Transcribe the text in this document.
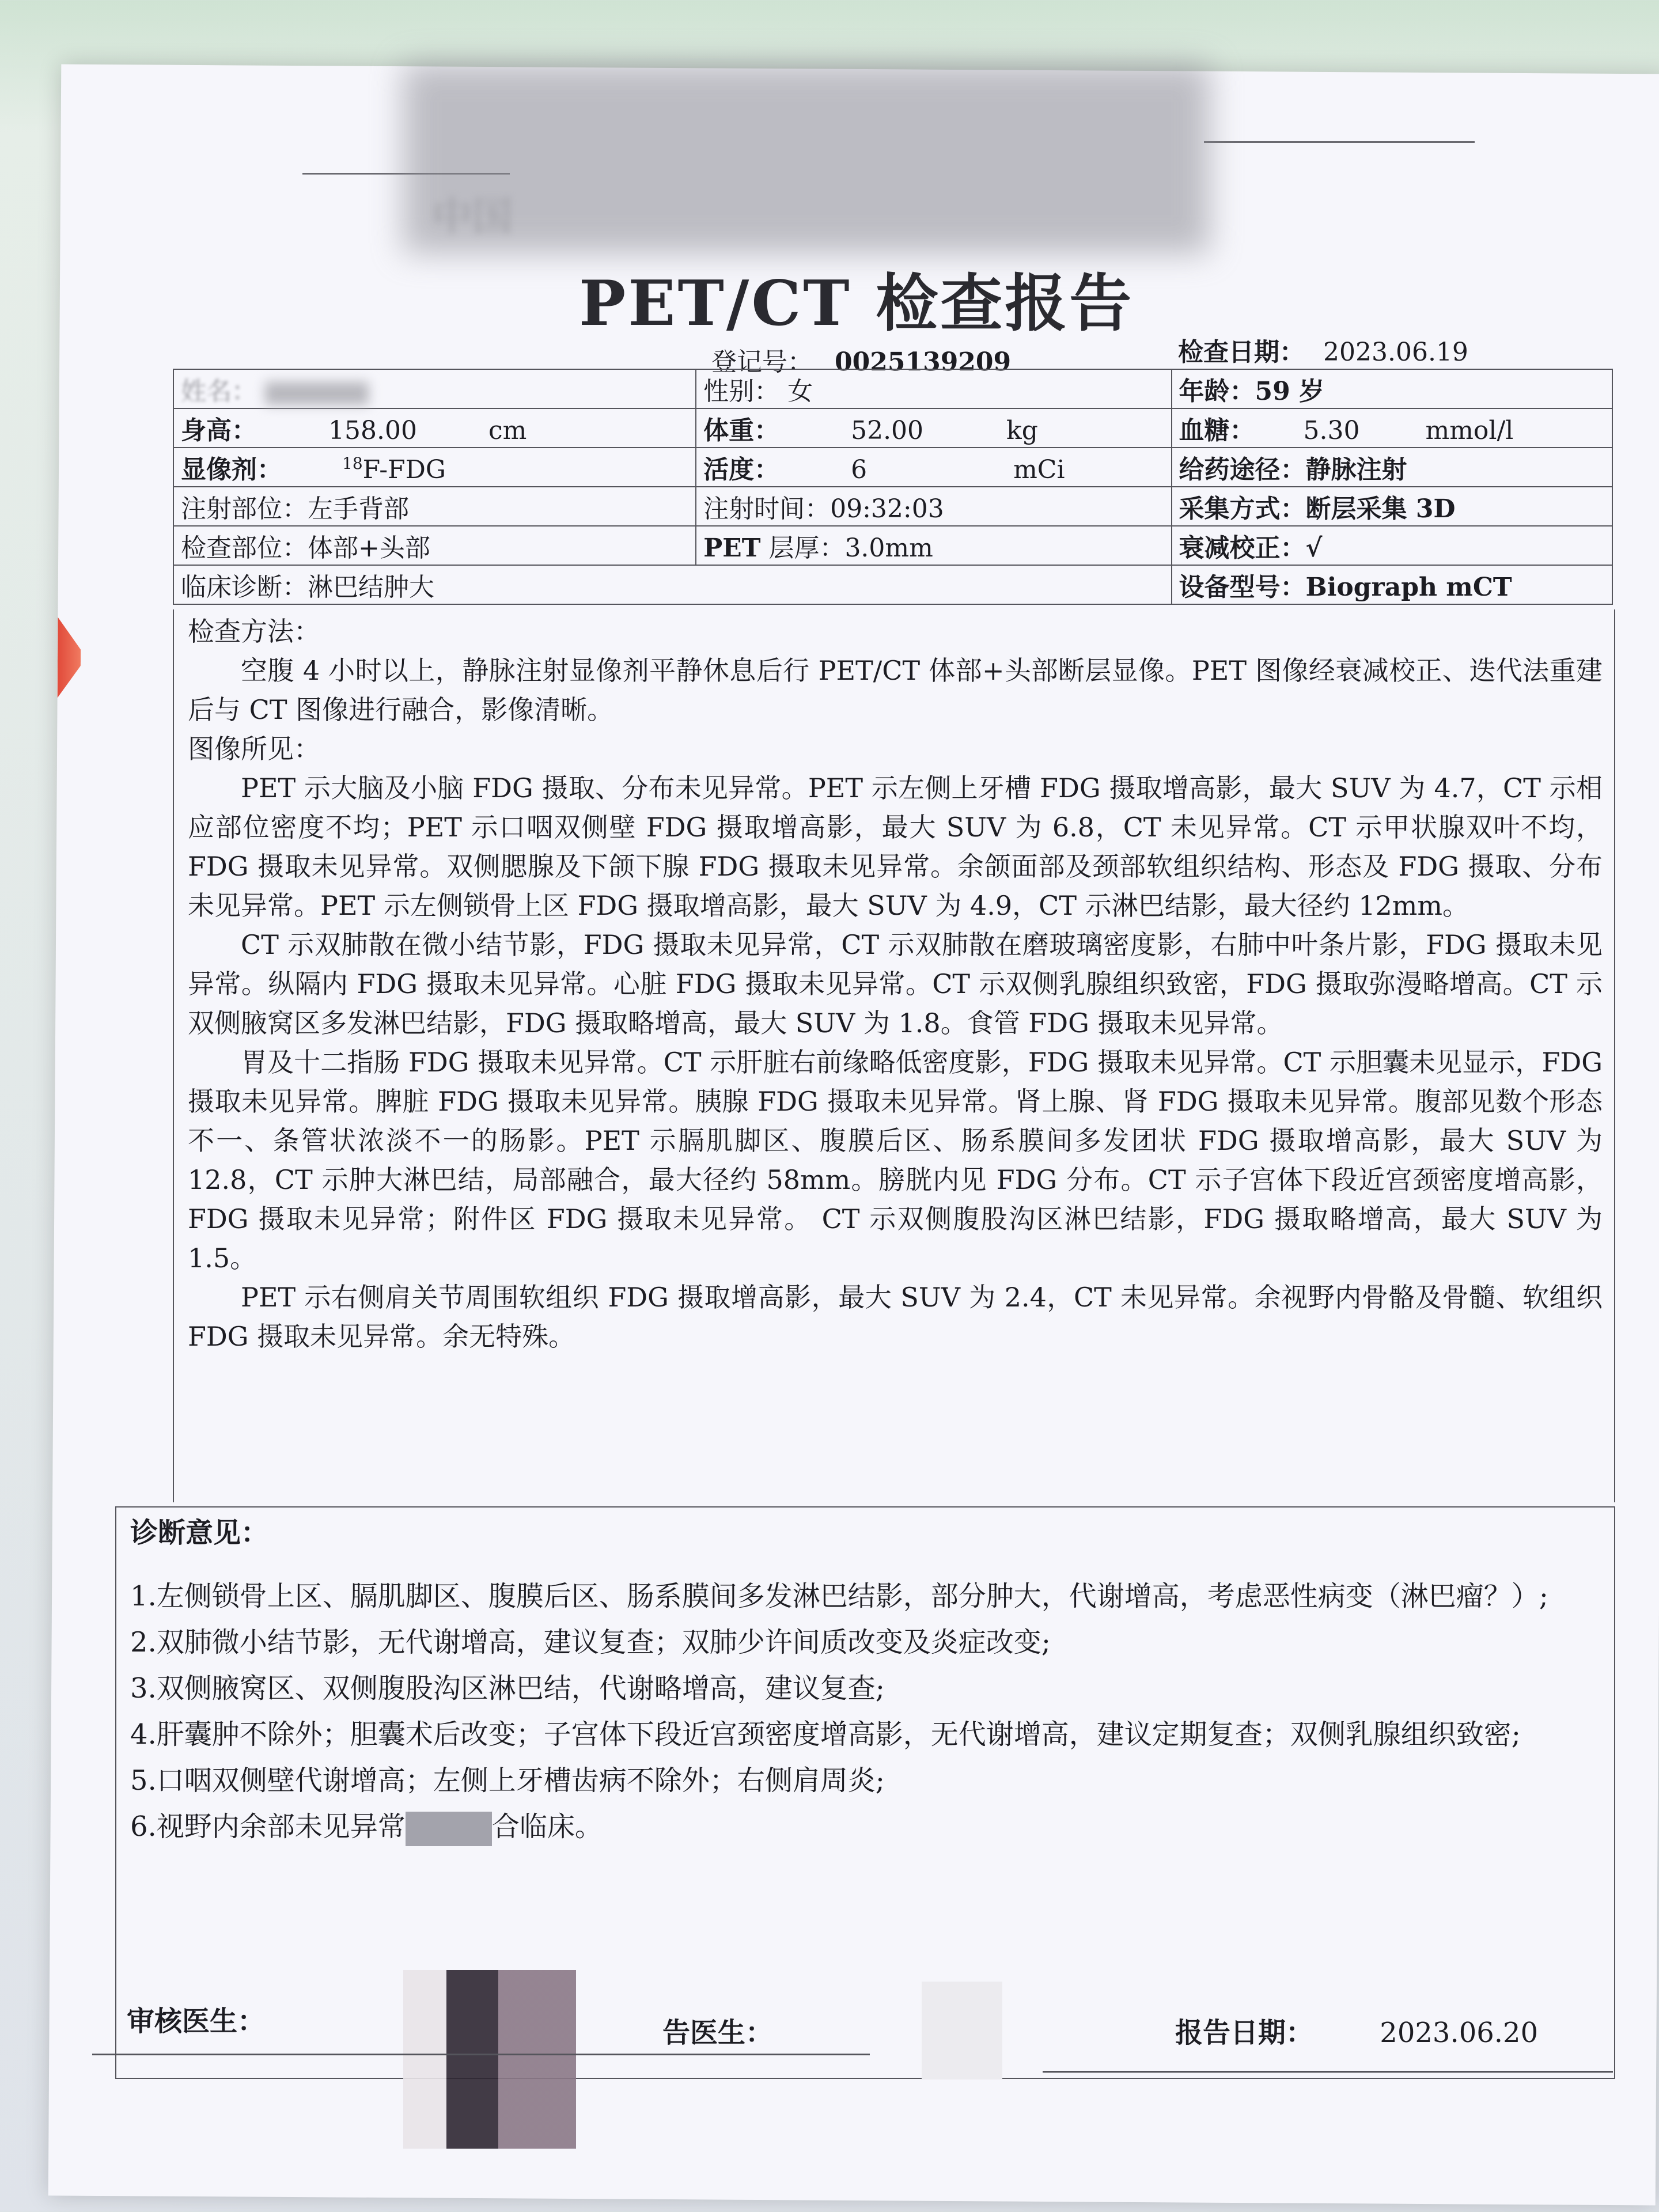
中国
PET/CT 检查报告
登记号： 0025139209	检查日期： 2023.06.19
姓名：	性别： 女	年龄：59 岁
身高： 158.00 cm	体重： 52.00 kg	血糖： 5.30 mmol/l
显像剂： $^{18}$F-FDG	活度： 6 mCi	给药途径：静脉注射
注射部位：左手背部	注射时间：09:32:03	采集方式：断层采集 3D
检查部位：体部+头部	PET 层厚：3.0mm	衰减校正：√
临床诊断：淋巴结肿大		设备型号：Biograph mCT

检查方法：

空腹 4 小时以上，静脉注射显像剂平静休息后行 PET/CT 体部+头部断层显像。PET 图像经衰减校正、迭代法重建后与 CT 图像进行融合，影像清晰。

图像所见：

PET 示大脑及小脑 FDG 摄取、分布未见异常。PET 示左侧上牙槽 FDG 摄取增高影，最大 SUV 为 4.7，CT 示相应部位密度不均；PET 示口咽双侧壁 FDG 摄取增高影，最大 SUV 为 6.8，CT 未见异常。CT 示甲状腺双叶不均，FDG 摄取未见异常。双侧腮腺及下颌下腺 FDG 摄取未见异常。余颌面部及颈部软组织结构、形态及 FDG 摄取、分布未见异常。PET 示左侧锁骨上区 FDG 摄取增高影，最大 SUV 为 4.9，CT 示淋巴结影，最大径约 12mm。

CT 示双肺散在微小结节影，FDG 摄取未见异常，CT 示双肺散在磨玻璃密度影，右肺中叶条片影，FDG 摄取未见异常。纵隔内 FDG 摄取未见异常。心脏 FDG 摄取未见异常。CT 示双侧乳腺组织致密，FDG 摄取弥漫略增高。CT 示双侧腋窝区多发淋巴结影，FDG 摄取略增高，最大 SUV 为 1.8。食管 FDG 摄取未见异常。

胃及十二指肠 FDG 摄取未见异常。CT 示肝脏右前缘略低密度影，FDG 摄取未见异常。CT 示胆囊未见显示，FDG 摄取未见异常。脾脏 FDG 摄取未见异常。胰腺 FDG 摄取未见异常。肾上腺、肾 FDG 摄取未见异常。腹部见数个形态不一、条管状浓淡不一的肠影。PET 示膈肌脚区、腹膜后区、肠系膜间多发团状 FDG 摄取增高影，最大 SUV 为 12.8，CT 示肿大淋巴结，局部融合，最大径约 58mm。膀胱内见 FDG 分布。CT 示子宫体下段近宫颈密度增高影，FDG 摄取未见异常；附件区 FDG 摄取未见异常。 CT 示双侧腹股沟区淋巴结影，FDG 摄取略增高，最大 SUV 为 1.5。

PET 示右侧肩关节周围软组织 FDG 摄取增高影，最大 SUV 为 2.4，CT 未见异常。余视野内骨骼及骨髓、软组织 FDG 摄取未见异常。余无特殊。

诊断意见：
1.左侧锁骨上区、膈肌脚区、腹膜后区、肠系膜间多发淋巴结影，部分肿大，代谢增高，考虑恶性病变（淋巴瘤？）;
2.双肺微小结节影，无代谢增高，建议复查；双肺少许间质改变及炎症改变;
3.双侧腋窝区、双侧腹股沟区淋巴结，代谢略增高，建议复查;
4.肝囊肿不除外；胆囊术后改变；子宫体下段近宫颈密度增高影，无代谢增高，建议定期复查；双侧乳腺组织致密;
5.口咽双侧壁代谢增高；左侧上牙槽齿病不除外；右侧肩周炎;
6.视野内余部未见异常	合临床。
审核医生：	告医生：	报告日期： 2023.06.20
